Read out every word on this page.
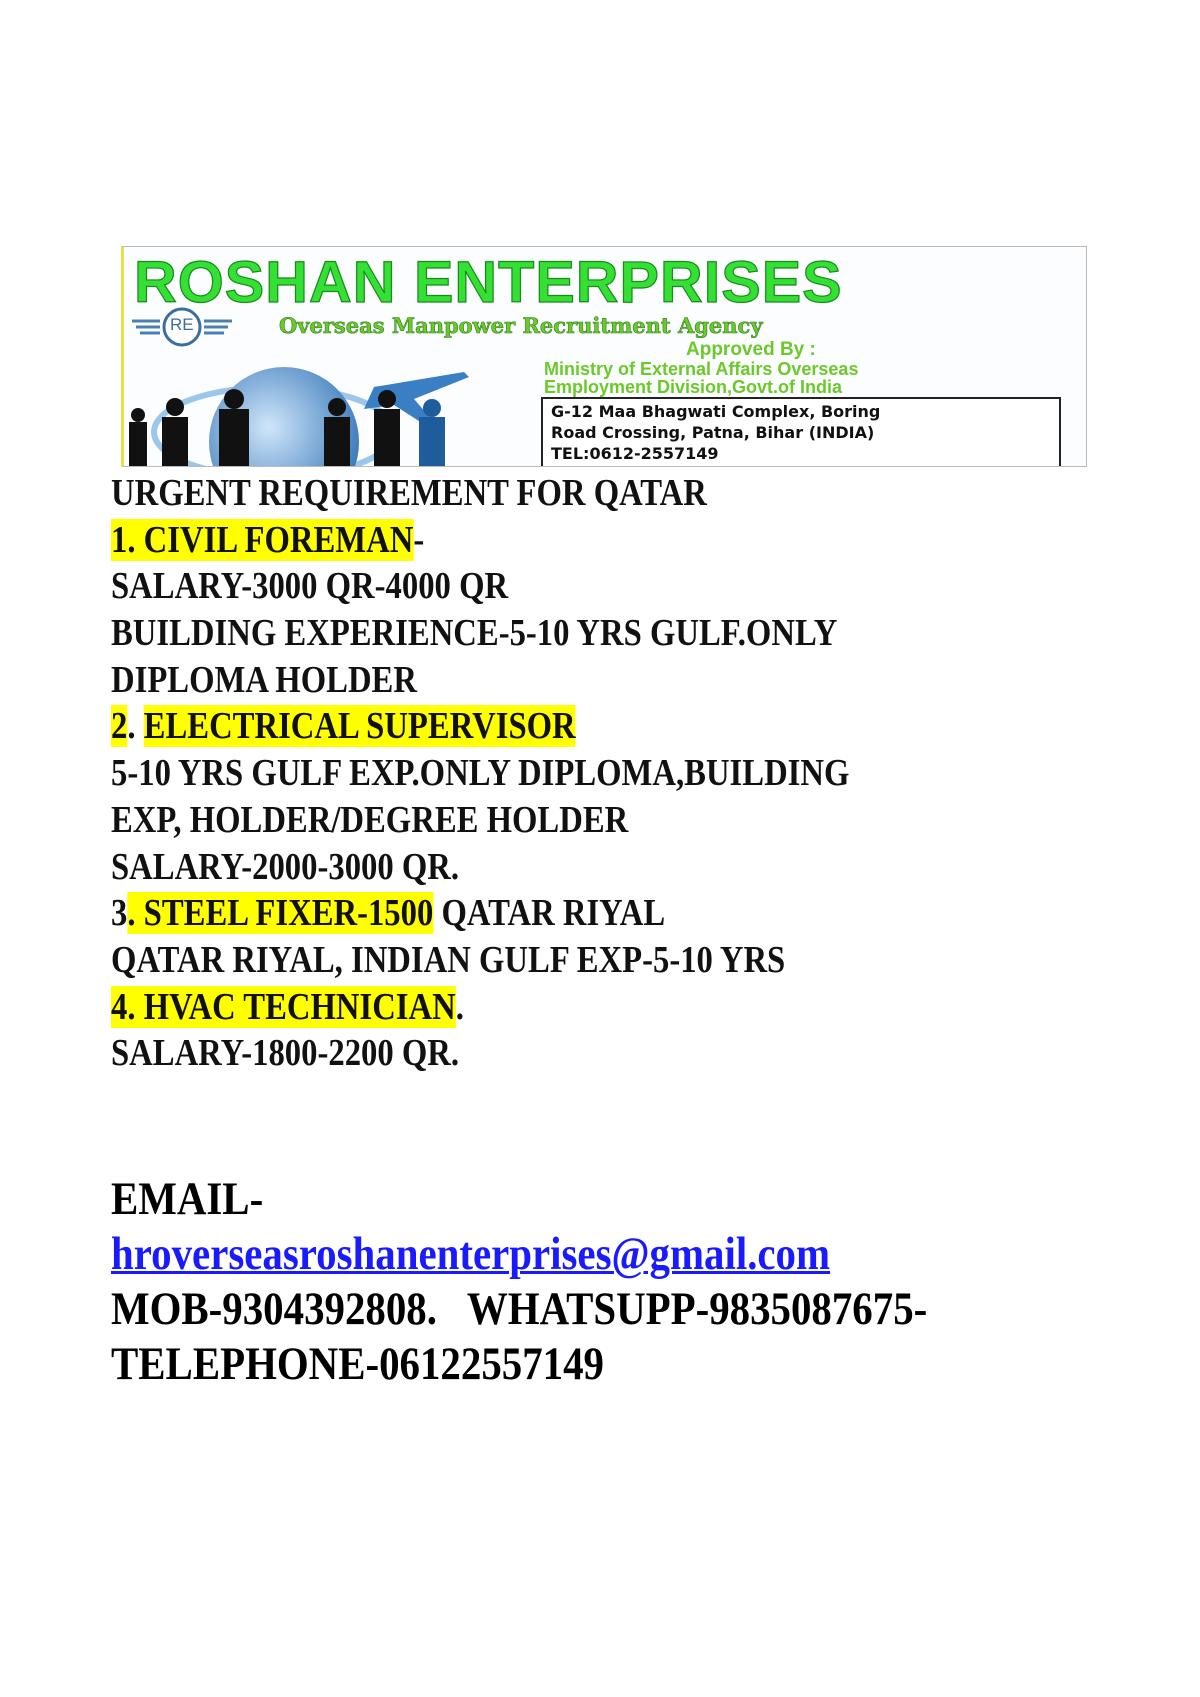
RE
ROSHAN ENTERPRISES
Overseas Manpower Recruitment Agency
Approved By :
Ministry of External Affairs Overseas
Employment Division,Govt.of India
G-12 Maa Bhagwati Complex, Boring
Road Crossing, Patna, Bihar (INDIA)
TEL:0612-2557149
URGENT REQUIREMENT FOR QATAR
1. CIVIL FOREMAN-
SALARY-3000 QR-4000 QR
BUILDING EXPERIENCE-5-10 YRS GULF.ONLY
DIPLOMA HOLDER
2. ELECTRICAL SUPERVISOR
5-10 YRS GULF EXP.ONLY DIPLOMA,BUILDING
EXP, HOLDER/DEGREE HOLDER
SALARY-2000-3000 QR.
3. STEEL FIXER-1500 QATAR RIYAL
QATAR RIYAL, INDIAN GULF EXP-5-10 YRS
4. HVAC TECHNICIAN.
SALARY-1800-2200 QR.
EMAIL-
hroverseasroshanenterprises@gmail.com
MOB-9304392808.   WHATSUPP-9835087675-
TELEPHONE-06122557149
